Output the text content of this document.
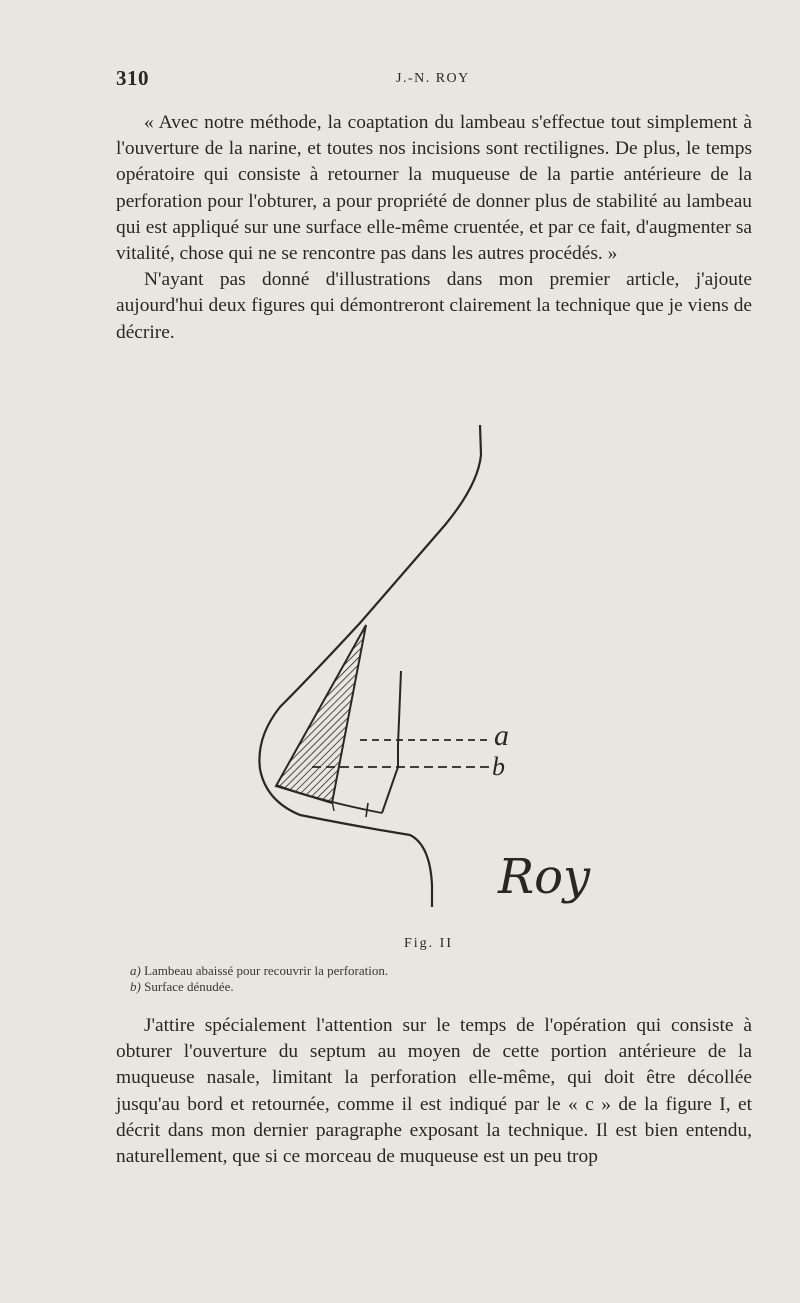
310	J.-N. ROY

« Avec notre méthode, la coaptation du lambeau s'effectue tout simplement à l'ouverture de la narine, et toutes nos incisions sont rectilignes. De plus, le temps opératoire qui consiste à retourner la muqueuse de la partie antérieure de la perforation pour l'obturer, a pour propriété de donner plus de stabilité au lambeau qui est appliqué sur une surface elle-même cruentée, et par ce fait, d'augmenter sa vitalité, chose qui ne se rencontre pas dans les autres procédés. »

N'ayant pas donné d'illustrations dans mon premier article, j'ajoute aujourd'hui deux figures qui démontreront clairement la technique que je viens de décrire.

a
b
Roy
Fig. II
a) Lambeau abaissé pour recouvrir la perforation.
b) Surface dénudée.

J'attire spécialement l'attention sur le temps de l'opération qui consiste à obturer l'ouverture du septum au moyen de cette portion antérieure de la muqueuse nasale, limitant la perforation elle-même, qui doit être décollée jusqu'au bord et retournée, comme il est indiqué par le « c » de la figure I, et décrit dans mon dernier paragraphe exposant la technique. Il est bien entendu, naturellement, que si ce morceau de muqueuse est un peu trop
